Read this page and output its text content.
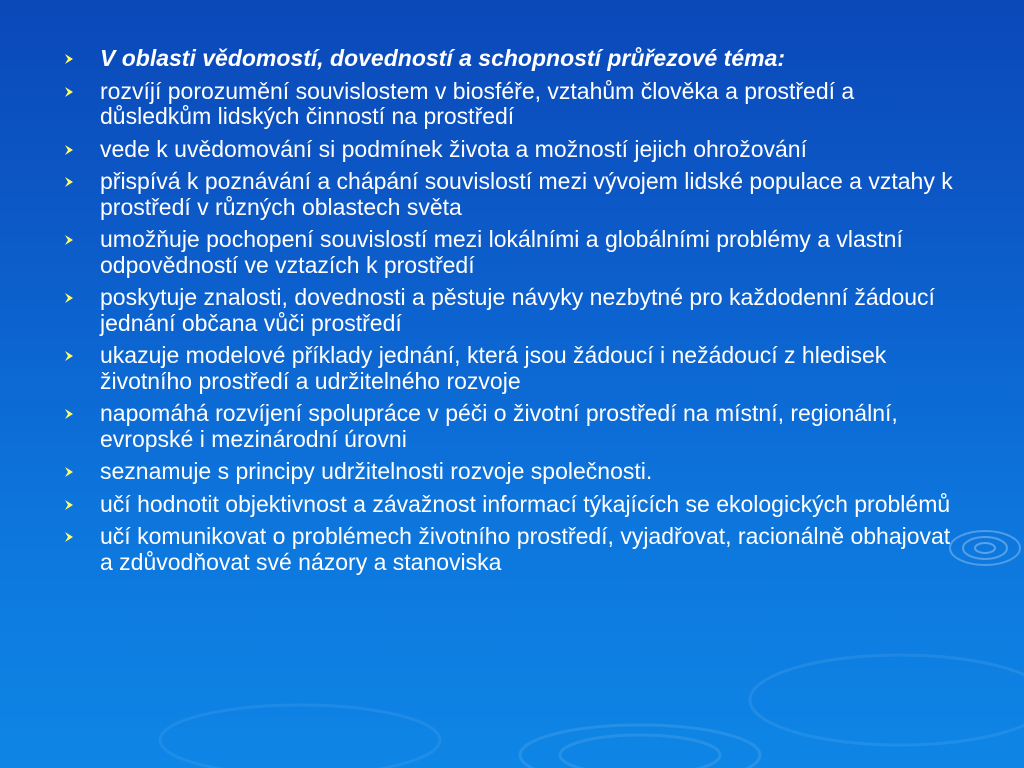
V oblasti vědomostí, dovedností a schopností průřezové téma:
rozvíjí porozumění souvislostem v biosféře, vztahům člověka a prostředí a důsledkům lidských činností na prostředí
vede k uvědomování si podmínek života a možností jejich ohrožování
přispívá k poznávání a chápání souvislostí mezi vývojem lidské populace a vztahy k prostředí v různých oblastech světa
umožňuje pochopení souvislostí mezi lokálními a globálními problémy a vlastní odpovědností ve vztazích k prostředí
poskytuje znalosti, dovednosti a pěstuje návyky nezbytné pro každodenní žádoucí jednání občana vůči prostředí
ukazuje modelové příklady jednání, která jsou žádoucí i nežádoucí z hledisek životního prostředí a udržitelného rozvoje
napomáhá rozvíjení spolupráce v péči o životní prostředí na místní, regionální, evropské i mezinárodní úrovni
seznamuje s principy udržitelnosti rozvoje společnosti.
učí hodnotit objektivnost a závažnost informací týkajících se ekologických problémů
učí komunikovat o problémech životního prostředí, vyjadřovat, racionálně obhajovat a zdůvodňovat své názory a stanoviska
